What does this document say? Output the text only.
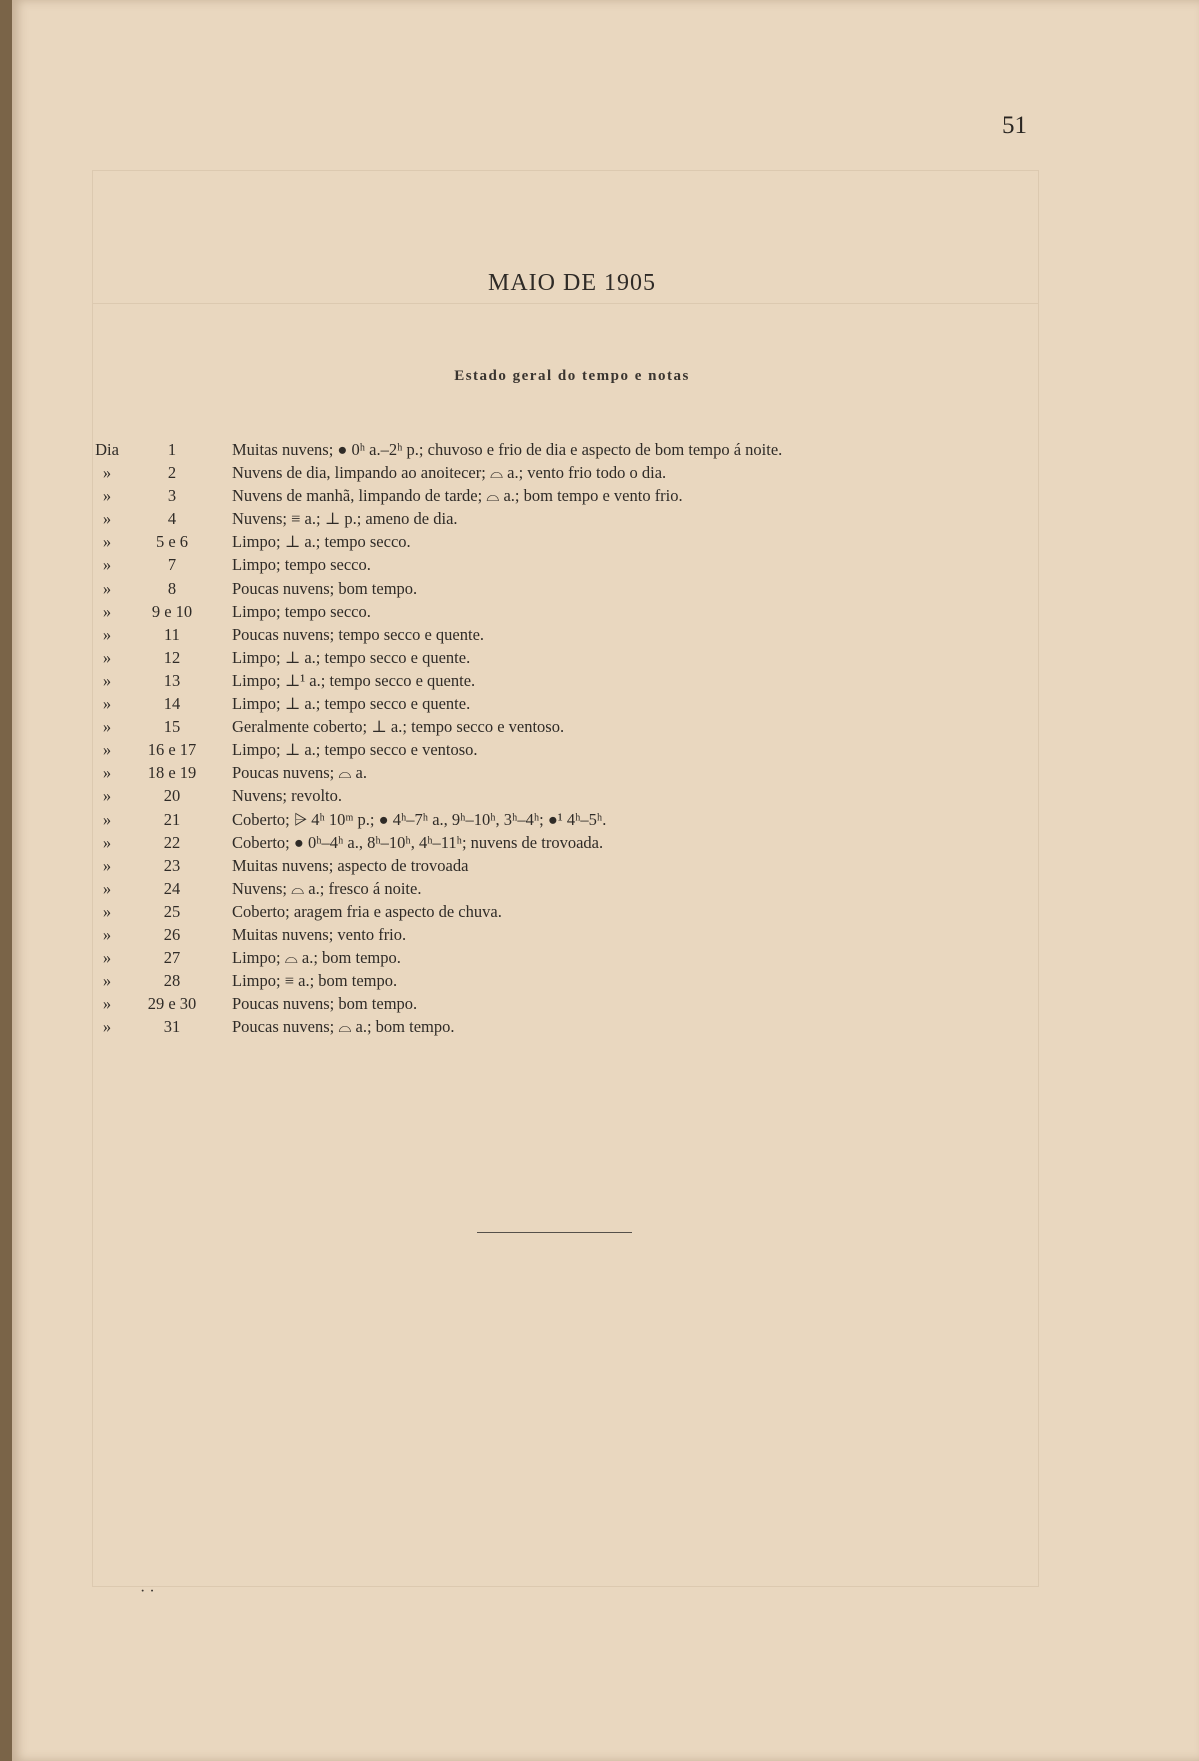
51
MAIO DE 1905
Estado geral do tempo e notas
Dia	1	Muitas nuvens; ● 0ʰ a.–2ʰ p.; chuvoso e frio de dia e aspecto de bom tempo á noite.
»	2	Nuvens de dia, limpando ao anoitecer; ⌓ a.; vento frio todo o dia.
»	3	Nuvens de manhã, limpando de tarde; ⌓ a.; bom tempo e vento frio.
»	4	Nuvens; ≡ a.; ⊥ p.; ameno de dia.
»	5 e 6	Limpo; ⊥ a.; tempo secco.
»	7	Limpo; tempo secco.
»	8	Poucas nuvens; bom tempo.
»	9 e 10	Limpo; tempo secco.
»	11	Poucas nuvens; tempo secco e quente.
»	12	Limpo; ⊥ a.; tempo secco e quente.
»	13	Limpo; ⊥¹ a.; tempo secco e quente.
»	14	Limpo; ⊥ a.; tempo secco e quente.
»	15	Geralmente coberto; ⊥ a.; tempo secco e ventoso.
»	16 e 17	Limpo; ⊥ a.; tempo secco e ventoso.
»	18 e 19	Poucas nuvens; ⌓ a.
»	20	Nuvens; revolto.
»	21	Coberto; ⩥ 4ʰ 10ᵐ p.; ● 4ʰ–7ʰ a., 9ʰ–10ʰ, 3ʰ–4ʰ; ●¹ 4ʰ–5ʰ.
»	22	Coberto; ● 0ʰ–4ʰ a., 8ʰ–10ʰ, 4ʰ–11ʰ; nuvens de trovoada.
»	23	Muitas nuvens; aspecto de trovoada
»	24	Nuvens; ⌓ a.; fresco á noite.
»	25	Coberto; aragem fria e aspecto de chuva.
»	26	Muitas nuvens; vento frio.
»	27	Limpo; ⌓ a.; bom tempo.
»	28	Limpo; ≡ a.; bom tempo.
»	29 e 30	Poucas nuvens; bom tempo.
»	31	Poucas nuvens; ⌓ a.; bom tempo.
· ·
